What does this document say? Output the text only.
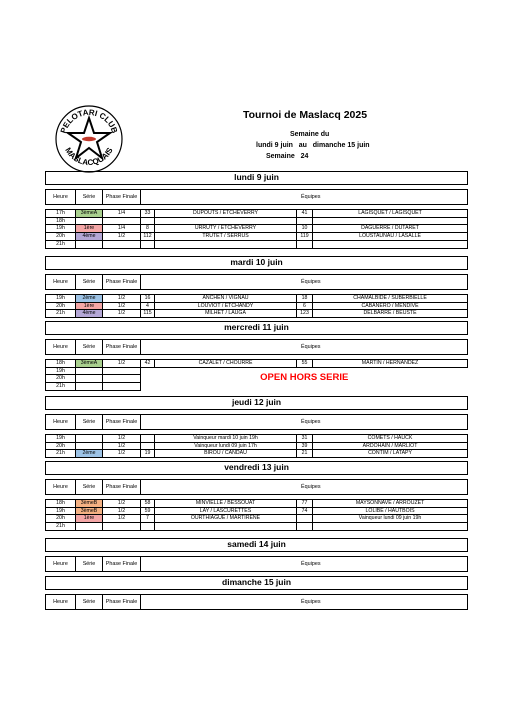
PELOTARI CLUB
MASLACQUAIS
Tournoi de Maslacq 2025
Semaine du
lundi 9 juin   au   dimanche 15 juin
Semaine 24
lundi 9 juin						

Heure	Série	Phase Finale		Équipes		

17h	3èmeA	1/4	33	DUPOUTS / ETCHEVERRY	41	LAGISQUET / LAGISQUET
18h						
19h	1ère	1/4	8	URRUTY / ETCHEVERRY	10	DAGUERRE / DUTARET
20h	4ème	1/2	112	TRUTET / SERRUS	119	LOUSTAUNAU / LASALLE
21h						
mardi 10 juin						

Heure	Série	Phase Finale		Équipes		

19h	2ème	1/2	16	ANCHEN / VIGNAU	18	CHAMALBIDE / SUBERBIELLE
20h	1ère	1/2	4	LOUVIOT / ETCHANDY	6	CABANERO / MENDIVE
21h	4ème	1/2	115	MILHET / LAUGA	123	DELBARRE / BEUSTE
mercredi 11 juin						

Heure	Série	Phase Finale		Équipes		

18h	3èmeA	1/2	42	CAZALET / CHOURRE	55	MARTIN / HERNANDEZ
19h			OPEN HORS SERIE			
20h						
21h						
jeudi 12 juin						

Heure	Série	Phase Finale		Équipes		

19h		1/2		Vainqueur mardi 10 juin 19h	31	COMETS / HAUCK
20h		1/2		Vainqueur lundi 09 juin 17h	39	ARDOHAIN / MARLIOT
21h	2ème	1/2	19	BIROU / CANDAU	21	CONTIM / LATAPY
vendredi 13 juin						

Heure	Série	Phase Finale		Équipes		

18h	3èmeB	1/2	58	MINVIELLE / BESSOUAT	77	MAYSONNAVE / ARROUZET
19h	3èmeB	1/2	59	LAY / LASCURETTES	74	LOLIBE / HAUTBOIS
20h	1ère	1/2	7	OURTHIAGUE / MARTIRENE		Vainqueur lundi 09 juin 19h
21h						
samedi 14 juin

Heure	Série	Phase Finale		Équipes
dimanche 15 juin

Heure	Série	Phase Finale		Équipes
